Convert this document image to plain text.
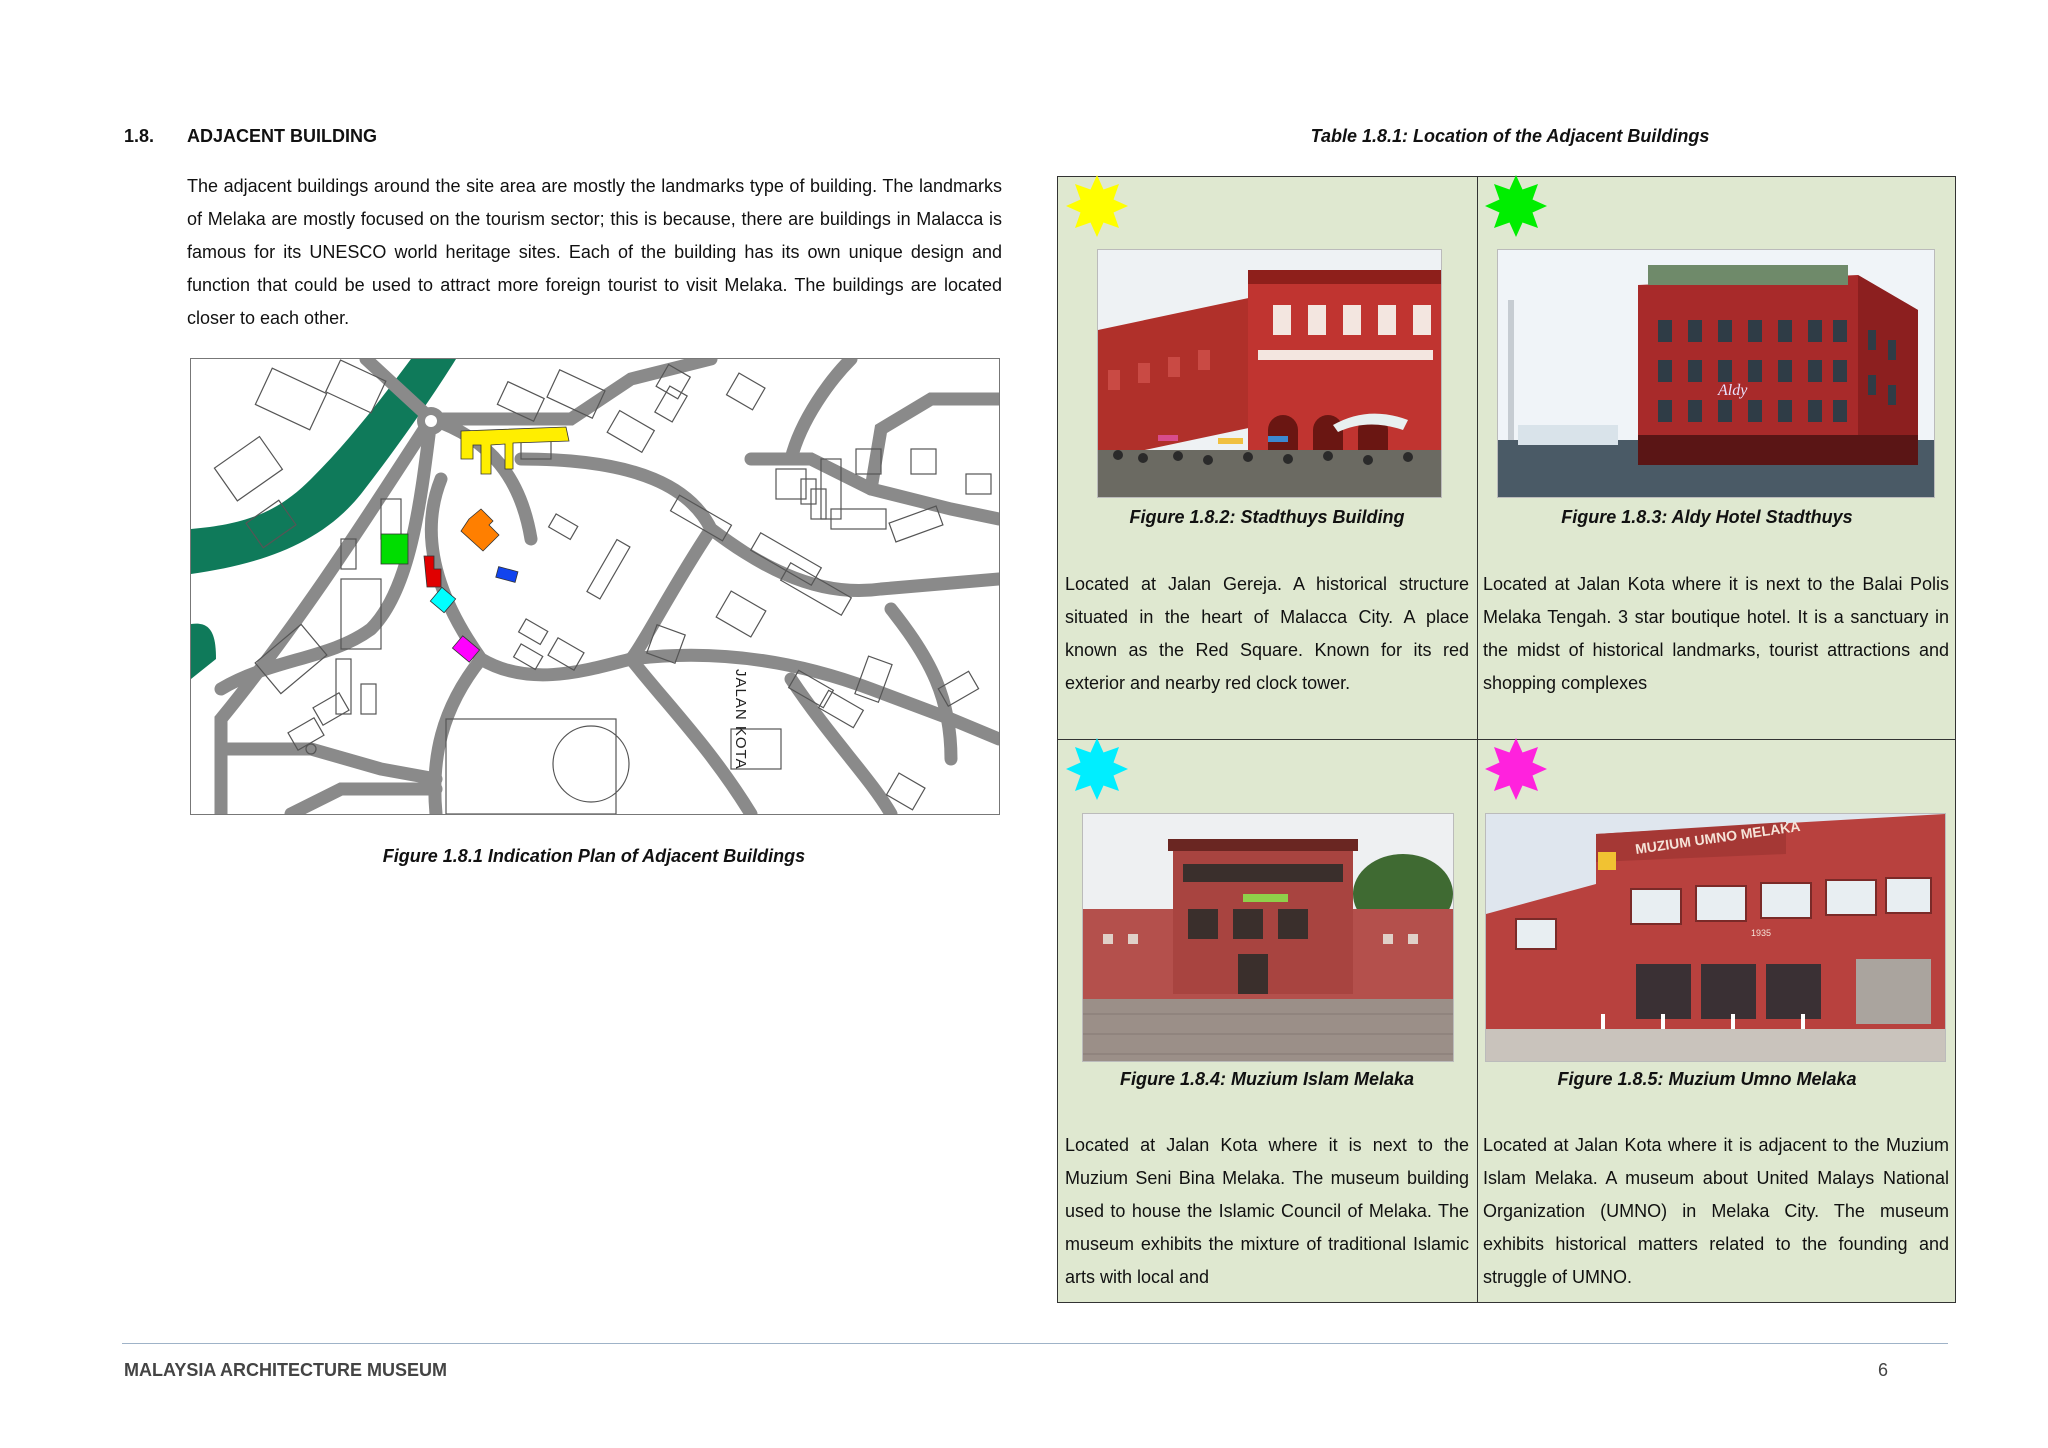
1.8. ADJACENT BUILDING
The adjacent buildings around the site area are mostly the landmarks type of building. The landmarks of Melaka are mostly focused on the tourism sector; this is because, there are buildings in Malacca is famous for its UNESCO world heritage sites. Each of the building has its own unique design and function that could be used to attract more foreign tourist to visit Melaka. The buildings are located closer to each other.
JALAN KOTA
Figure 1.8.1 Indication Plan of Adjacent Buildings
Table 1.8.1: Location of the Adjacent Buildings
Figure 1.8.2: Stadthuys Building
Located at Jalan Gereja. A historical structure situated in the heart of Malacca City. A place known as the Red Square. Known for its red exterior and nearby red clock tower.
Aldy
Figure 1.8.3: Aldy Hotel Stadthuys
Located at Jalan Kota where it is next to the Balai Polis Melaka Tengah. 3 star boutique hotel. It is a sanctuary in the midst of historical landmarks, tourist attractions and shopping complexes
Figure 1.8.4: Muzium Islam Melaka
Located at Jalan Kota where it is next to the Muzium Seni Bina Melaka. The museum building used to house the Islamic Council of Melaka. The museum exhibits the mixture of traditional Islamic arts with local and
MUZIUM UMNO MELAKA
1935
Figure 1.8.5: Muzium Umno Melaka
Located at Jalan Kota where it is adjacent to the Muzium Islam Melaka. A museum about United Malays National Organization (UMNO) in Melaka City. The museum exhibits historical matters related to the founding and struggle of UMNO.
MALAYSIA ARCHITECTURE MUSEUM	6
